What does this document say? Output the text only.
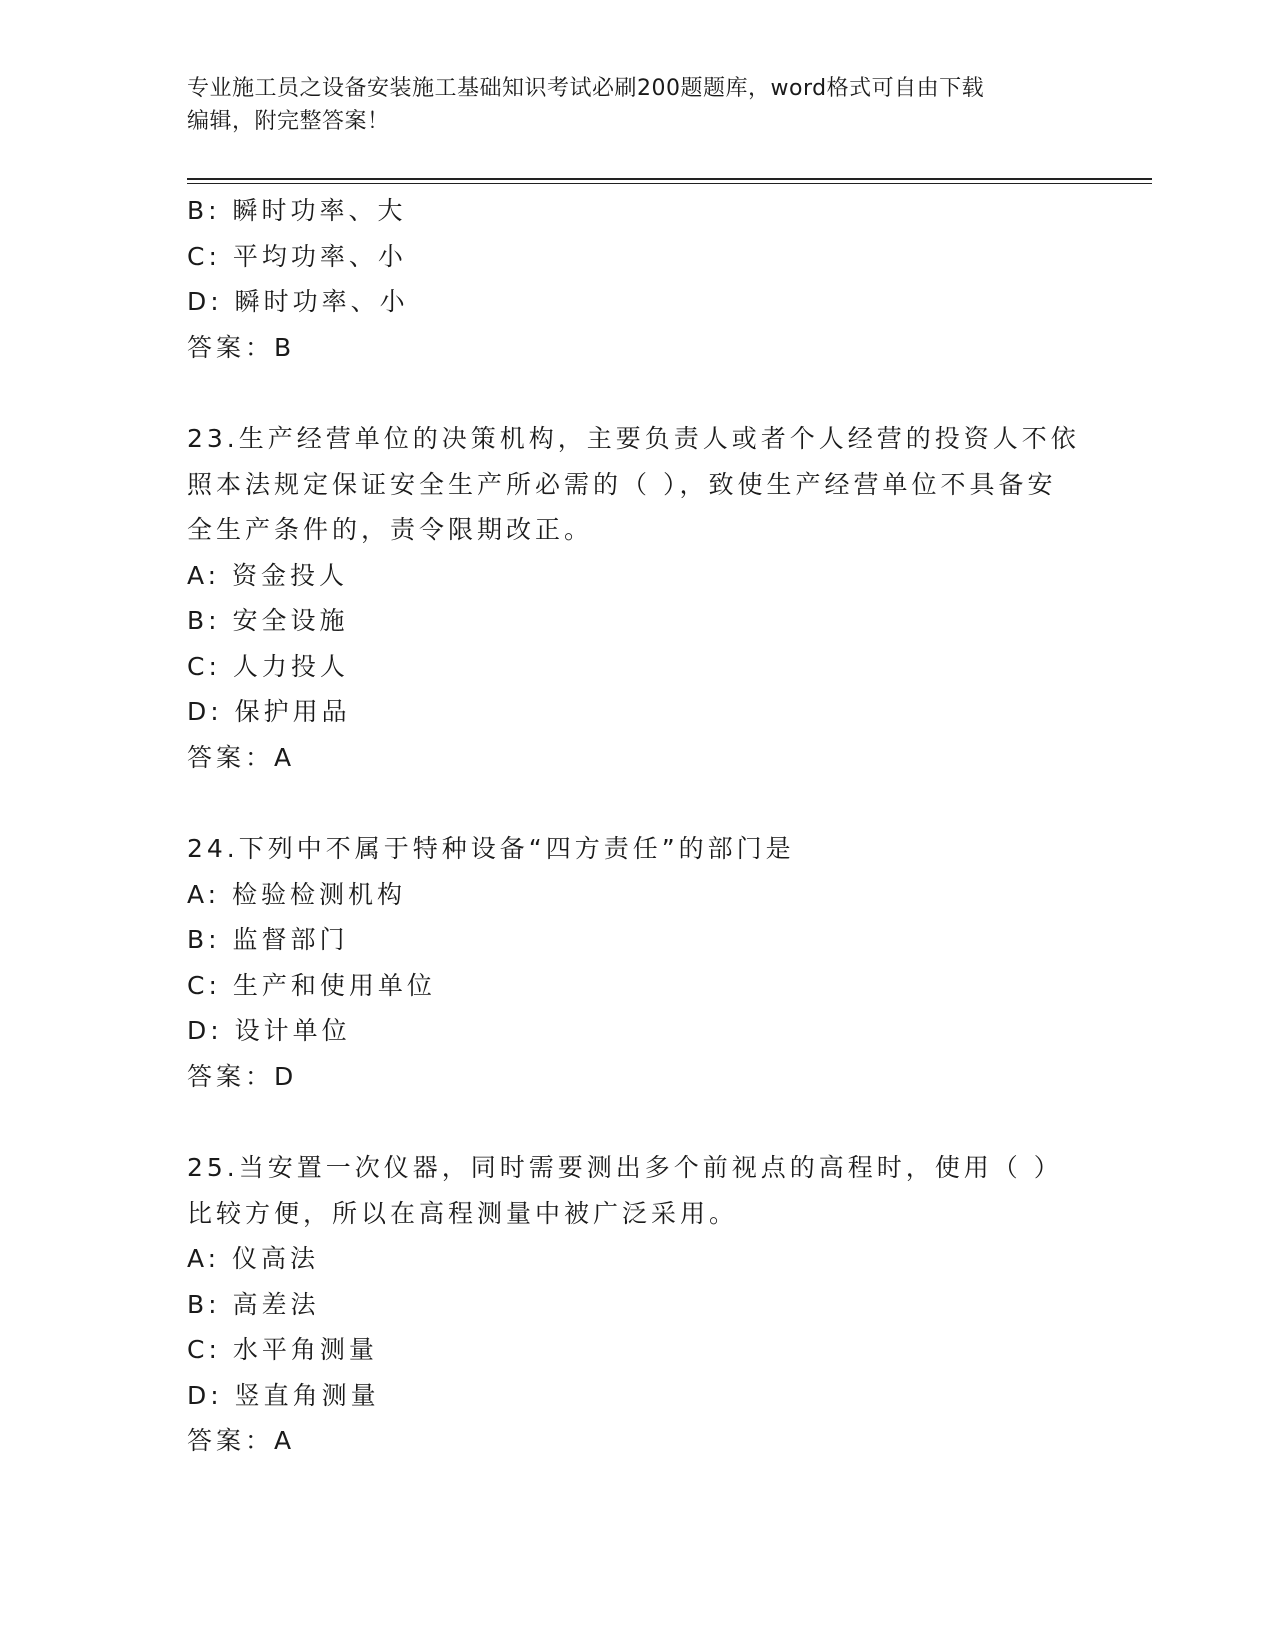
专业施工员之设备安装施工基础知识考试必刷200题题库，word格式可自由下载
编辑，附完整答案！
B: 瞬时功率、大
C: 平均功率、小
D: 瞬时功率、小
答案：B
23.生产经营单位的决策机构，主要负责人或者个人经营的投资人不依
照本法规定保证安全生产所必需的（ ），致使生产经营单位不具备安
全生产条件的，责令限期改正。
A: 资金投人
B: 安全设施
C: 人力投人
D: 保护用品
答案：A
24.下列中不属于特种设备“四方责任”的部门是
A: 检验检测机构
B: 监督部门
C: 生产和使用单位
D: 设计单位
答案：D
25.当安置一次仪器，同时需要测出多个前视点的高程时，使用（ ）
比较方便，所以在高程测量中被广泛采用。
A: 仪高法
B: 高差法
C: 水平角测量
D: 竖直角测量
答案：A
